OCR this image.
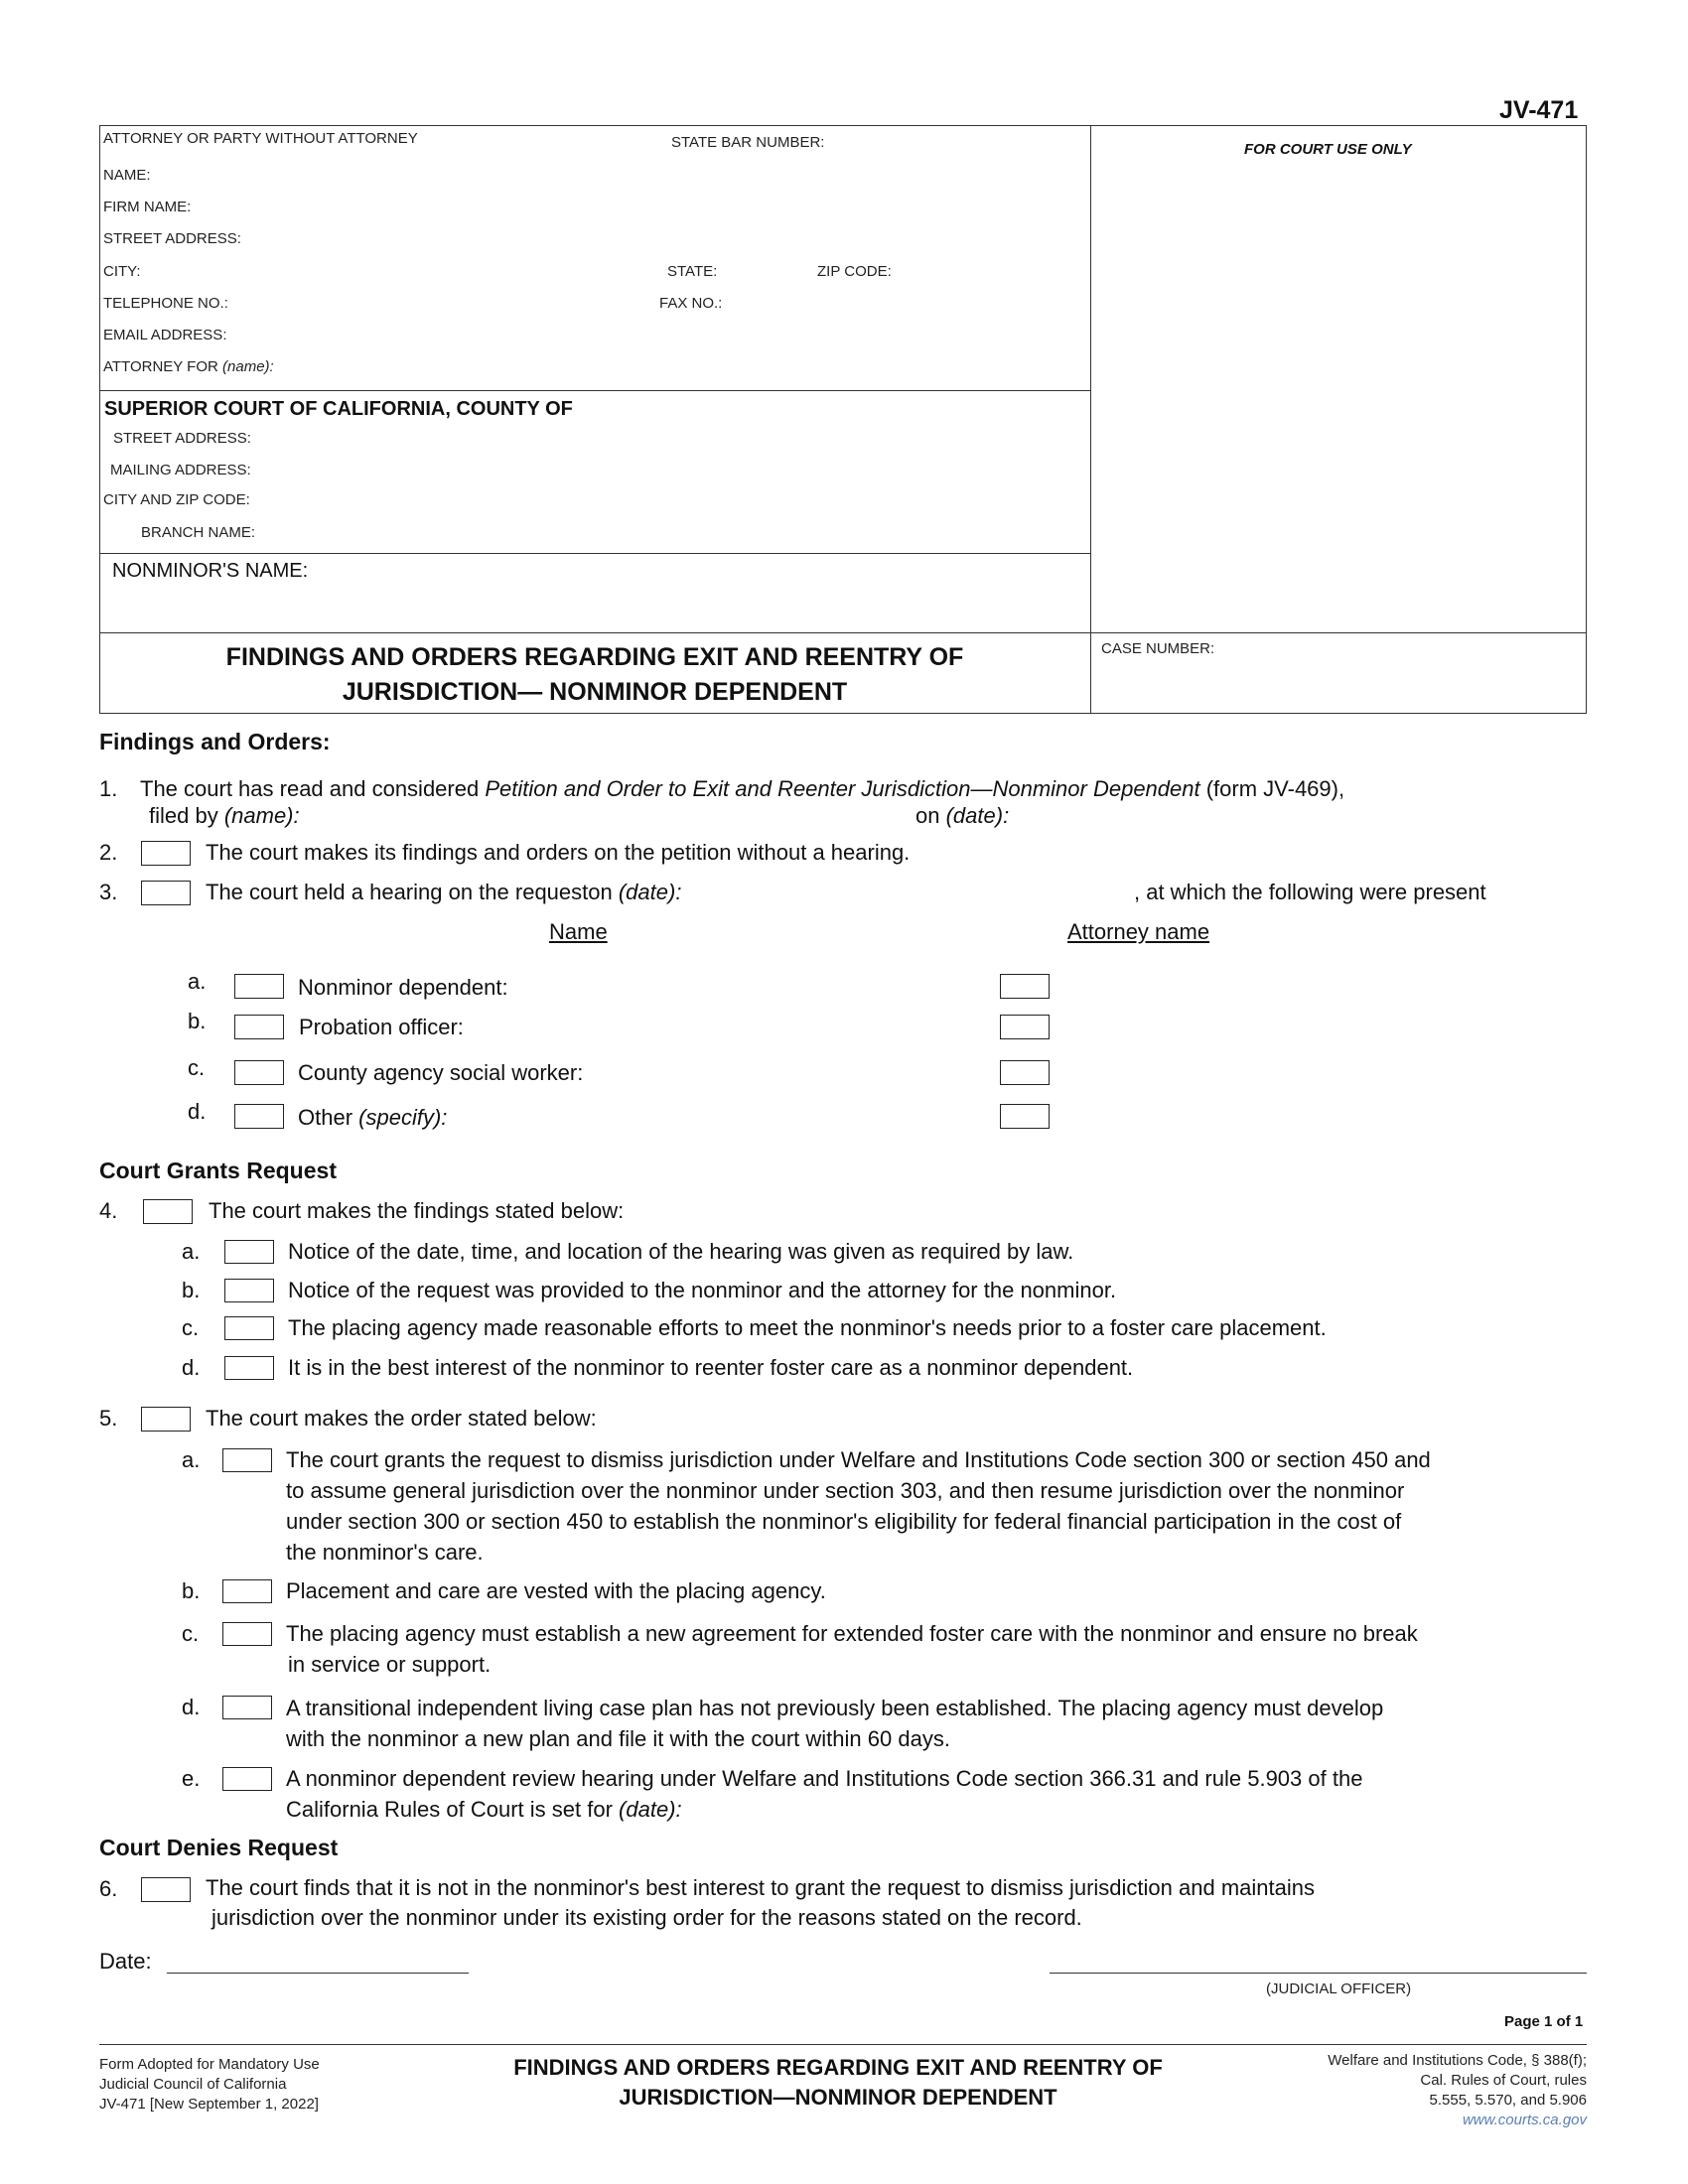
JV-471
ATTORNEY OR PARTY WITHOUT ATTORNEY	STATE BAR NUMBER:
NAME:
FIRM NAME:
STREET ADDRESS:
CITY:	STATE:	ZIP CODE:
TELEPHONE NO.:	FAX NO.:
EMAIL ADDRESS:
ATTORNEY FOR (name):
SUPERIOR COURT OF CALIFORNIA, COUNTY OF
STREET ADDRESS:
MAILING ADDRESS:
CITY AND ZIP CODE:
BRANCH NAME:
NONMINOR'S NAME:
FOR COURT USE ONLY
FINDINGS AND ORDERS REGARDING EXIT AND REENTRY OF
JURISDICTION— NONMINOR DEPENDENT
CASE NUMBER:
Findings and Orders:
1. The court has read and considered Petition and Order to Exit and Reenter Jurisdiction—Nonminor Dependent (form JV-469),
filed by (name):	on (date):
2.	The court makes its findings and orders on the petition without a hearing.
3.	The court held a hearing on the requeston (date):	, at which the following were present
Name	Attorney name
a.	Nonminor dependent:
b.	Probation officer:
c.	County agency social worker:
d.	Other (specify):
Court Grants Request
4.	The court makes the findings stated below:
a.	Notice of the date, time, and location of the hearing was given as required by law.
b.	Notice of the request was provided to the nonminor and the attorney for the nonminor.
c.	The placing agency made reasonable efforts to meet the nonminor's needs prior to a foster care placement.
d.	It is in the best interest of the nonminor to reenter foster care as a nonminor dependent.
5.	The court makes the order stated below:
a.	The court grants the request to dismiss jurisdiction under Welfare and Institutions Code section 300 or section 450 and
to assume general jurisdiction over the nonminor under section 303, and then resume jurisdiction over the nonminor
under section 300 or section 450 to establish the nonminor's eligibility for federal financial participation in the cost of
the nonminor's care.
b.	Placement and care are vested with the placing agency.
c.	The placing agency must establish a new agreement for extended foster care with the nonminor and ensure no break
in service or support.
d.	A transitional independent living case plan has not previously been established. The placing agency must develop
with the nonminor a new plan and file it with the court within 60 days.
e.	A nonminor dependent review hearing under Welfare and Institutions Code section 366.31 and rule 5.903 of the
California Rules of Court is set for (date):
Court Denies Request
6.	The court finds that it is not in the nonminor's best interest to grant the request to dismiss jurisdiction and maintains
jurisdiction over the nonminor under its existing order for the reasons stated on the record.
Date:
(JUDICIAL OFFICER)
Page 1 of 1
Form Adopted for Mandatory Use
Judicial Council of California
JV-471 [New September 1, 2022]
FINDINGS AND ORDERS REGARDING EXIT AND REENTRY OF
JURISDICTION—NONMINOR DEPENDENT
Welfare and Institutions Code, § 388(f);
Cal. Rules of Court, rules
5.555, 5.570, and 5.906
www.courts.ca.gov
